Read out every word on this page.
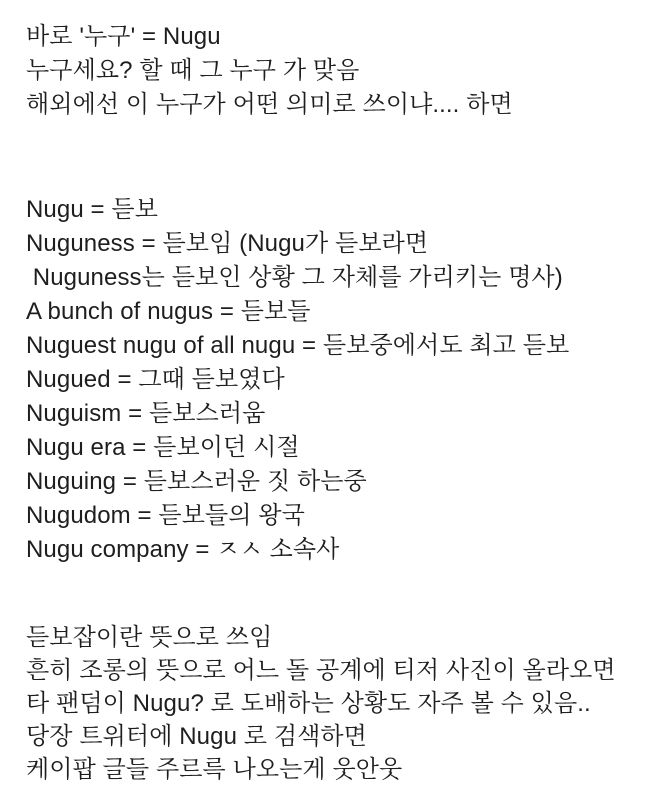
바로 '누구' = Nugu
누구세요? 할 때 그 누구 가 맞음
해외에선 이 누구가 어떤 의미로 쓰이냐.... 하면
Nugu = 듣보
Nuguness = 듣보임 (Nugu가 듣보라면
Nuguness는 듣보인 상황 그 자체를 가리키는 명사)
A bunch of nugus = 듣보들
Nuguest nugu of all nugu = 듣보중에서도 최고 듣보
Nugued = 그때 듣보였다
Nuguism = 듣보스러움
Nugu era = 듣보이던 시절
Nuguing = 듣보스러운 짓 하는중
Nugudom = 듣보들의 왕국
Nugu company = ㅈㅅ 소속사
듣보잡이란 뜻으로 쓰임
흔히 조롱의 뜻으로 어느 돌 공계에 티저 사진이 올라오면
타 팬덤이 Nugu? 로 도배하는 상황도 자주 볼 수 있음..
당장 트위터에 Nugu 로 검색하면
케이팝 글들 주르륵 나오는게 웃안웃
